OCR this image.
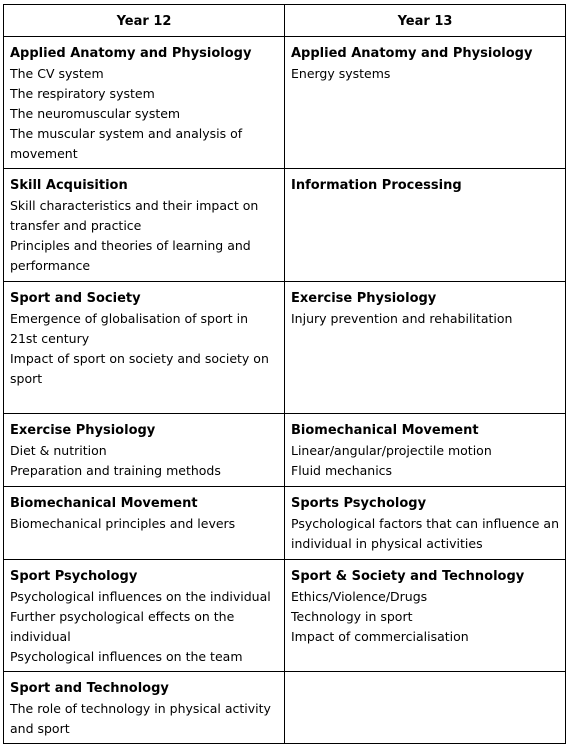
Year 12	Year 13

Applied Anatomy and Physiology
The CV system
The respiratory system
The neuromuscular system
The muscular system and analysis of movement	Applied Anatomy and Physiology
Energy systems

Skill Acquisition
Skill characteristics and their impact on transfer and practice
Principles and theories of learning and performance	Information Processing

Sport and Society
Emergence of globalisation of sport in 21st century
Impact of sport on society and society on sport	Exercise Physiology
Injury prevention and rehabilitation

Exercise Physiology
Diet & nutrition
Preparation and training methods	Biomechanical Movement
Linear/angular/projectile motion
Fluid mechanics

Biomechanical Movement
Biomechanical principles and levers	Sports Psychology
Psychological factors that can influence an individual in physical activities

Sport Psychology
Psychological influences on the individual
Further psychological effects on the individual
Psychological influences on the team	Sport & Society and Technology
Ethics/Violence/Drugs
Technology in sport
Impact of commercialisation

Sport and Technology
The role of technology in physical activity and sport	
